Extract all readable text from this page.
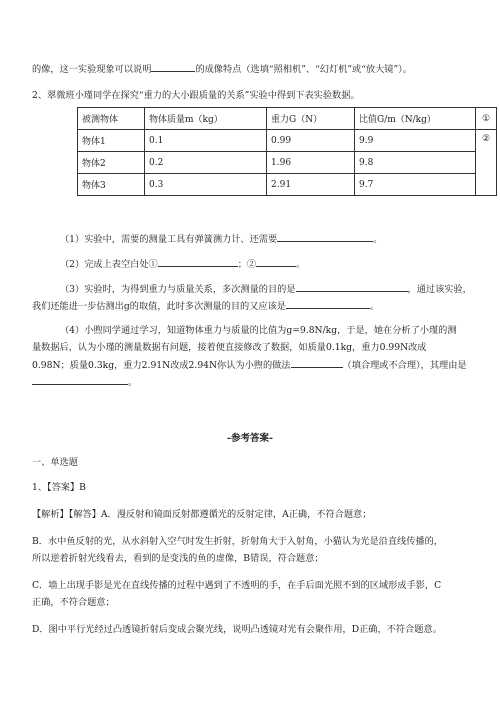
的像，这一实验现象可以说明	的成像特点（选填“照相机”、“幻灯机”或“放大镜”）。
2、翠微班小瑾同学在探究“重力的大小跟质量的关系”实验中得到下表实验数据。
被测物体	物体质量m（kg）	重力G（N）	比值G/m（N/kg）	①
物体1	0.1	0.99	9.9	②
物体2	0.2	1.96	9.8	
物体3	0.3	2.91	9.7	
（1）实验中，需要的测量工具有弹簧测力计、还需要	。
（2）完成上表空白处①	；②	。
（3）实验时，为得到重力与质量关系，多次测量的目的是	，通过该实验，
我们还能进一步估测出g的取值，此时多次测量的目的又应该是	。
（4）小煦同学通过学习，知道物体重力与质量的比值为g=9.8N/kg，于是，她在分析了小瑾的测
量数据后，认为小瑾的测量数据有问题，接着便直接修改了数据，如质量0.1kg，重力0.99N改成
0.98N；质量0.3kg，重力2.91N改成2.94N你认为小煦的做法	（填合理或不合理），其理由是
。
-参考答案-
一、单选题
1、【答案】B
【解析】【解答】A．漫反射和镜面反射都遵循光的反射定律，A正确，不符合题意；
B．水中鱼反射的光，从水斜射入空气时发生折射，折射角大于入射角，小猫认为光是沿直线传播的，
所以逆着折射光线看去，看到的是变浅的鱼的虚像，B错误，符合题意；
C．墙上出现手影是光在直线传播的过程中遇到了不透明的手，在手后面光照不到的区域形成手影，C
正确，不符合题意；
D．图中平行光经过凸透镜折射后变成会聚光线，说明凸透镜对光有会聚作用，D正确，不符合题意。
